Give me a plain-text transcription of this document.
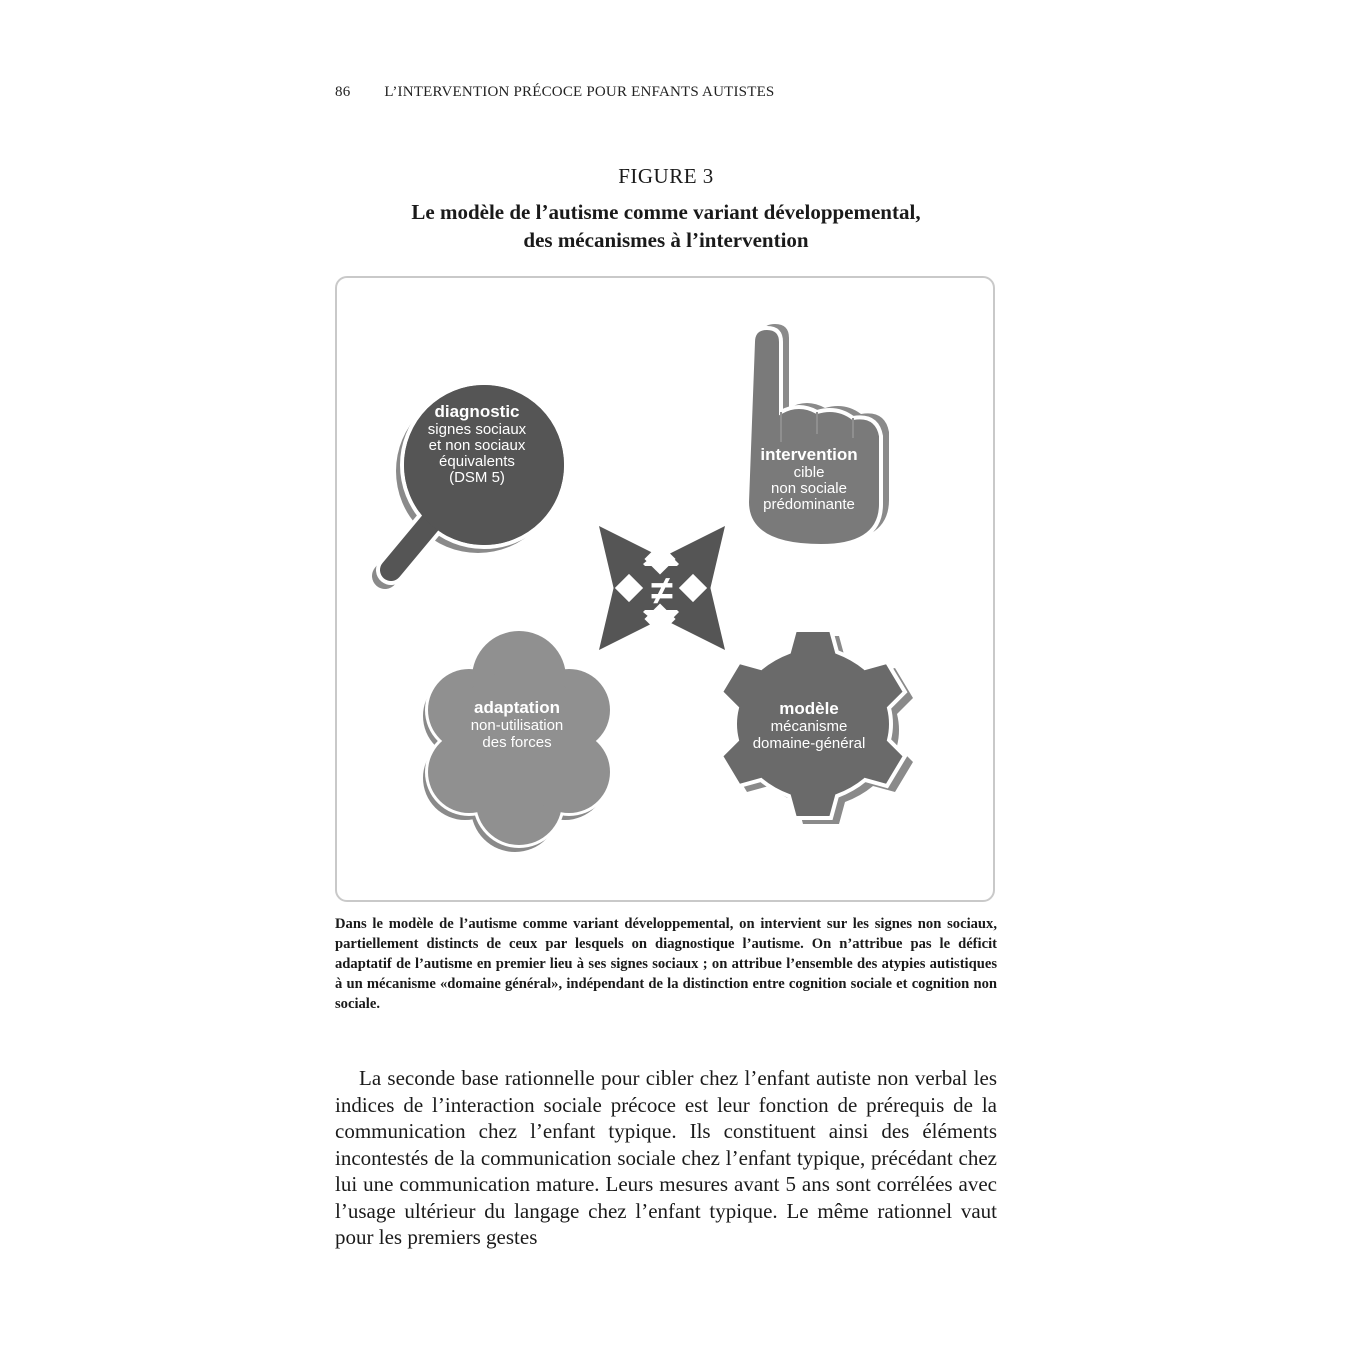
86 L’INTERVENTION PRÉCOCE POUR ENFANTS AUTISTES
FIGURE 3
Le modèle de l’autisme comme variant développemental,
des mécanismes à l’intervention
≠
diagnostic
signes sociaux
et non sociaux
équivalents
(DSM 5)
intervention
cible
non sociale
prédominante
adaptation
non-utilisation
des forces
modèle
mécanisme
domaine-général
Dans le modèle de l’autisme comme variant développemental, on intervient sur les signes non sociaux, partiellement distincts de ceux par lesquels on diagnostique l’autisme. On n’attribue pas le déficit adaptatif de l’autisme en premier lieu à ses signes sociaux ; on attribue l’ensemble des atypies autistiques à un mécanisme «domaine général», indépendant de la distinction entre cognition sociale et cognition non sociale.
La seconde base rationnelle pour cibler chez l’enfant autiste non verbal les indices de l’interaction sociale précoce est leur fonction de prérequis de la communication chez l’enfant typique. Ils constituent ainsi des éléments incontestés de la communication sociale chez l’enfant typique, précédant chez lui une communication mature. Leurs mesures avant 5 ans sont corrélées avec l’usage ultérieur du langage chez l’enfant typique. Le même rationnel vaut pour les premiers gestes
